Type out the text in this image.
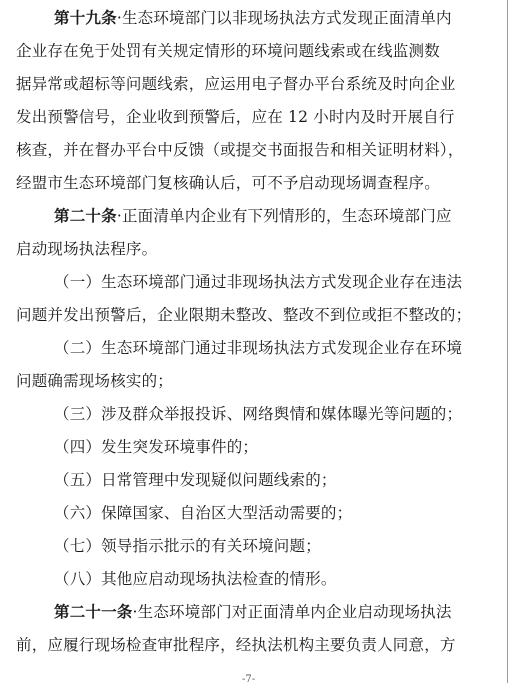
第十九条·生态环境部门以非现场执法方式发现正面清单内
企业存在免于处罚有关规定情形的环境问题线索或在线监测数
据异常或超标等问题线索，应运用电子督办平台系统及时向企业
发出预警信号，企业收到预警后，应在 12 小时内及时开展自行
核查，并在督办平台中反馈（或提交书面报告和相关证明材料），
经盟市生态环境部门复核确认后，可不予启动现场调查程序。
第二十条·正面清单内企业有下列情形的，生态环境部门应
启动现场执法程序。
（一）生态环境部门通过非现场执法方式发现企业存在违法
问题并发出预警后，企业限期未整改、整改不到位或拒不整改的；
（二）生态环境部门通过非现场执法方式发现企业存在环境
问题确需现场核实的；
（三）涉及群众举报投诉、网络舆情和媒体曝光等问题的；
（四）发生突发环境事件的；
（五）日常管理中发现疑似问题线索的；
（六）保障国家、自治区大型活动需要的；
（七）领导指示批示的有关环境问题；
（八）其他应启动现场执法检查的情形。
第二十一条·生态环境部门对正面清单内企业启动现场执法
前，应履行现场检查审批程序，经执法机构主要负责人同意，方
-7-
